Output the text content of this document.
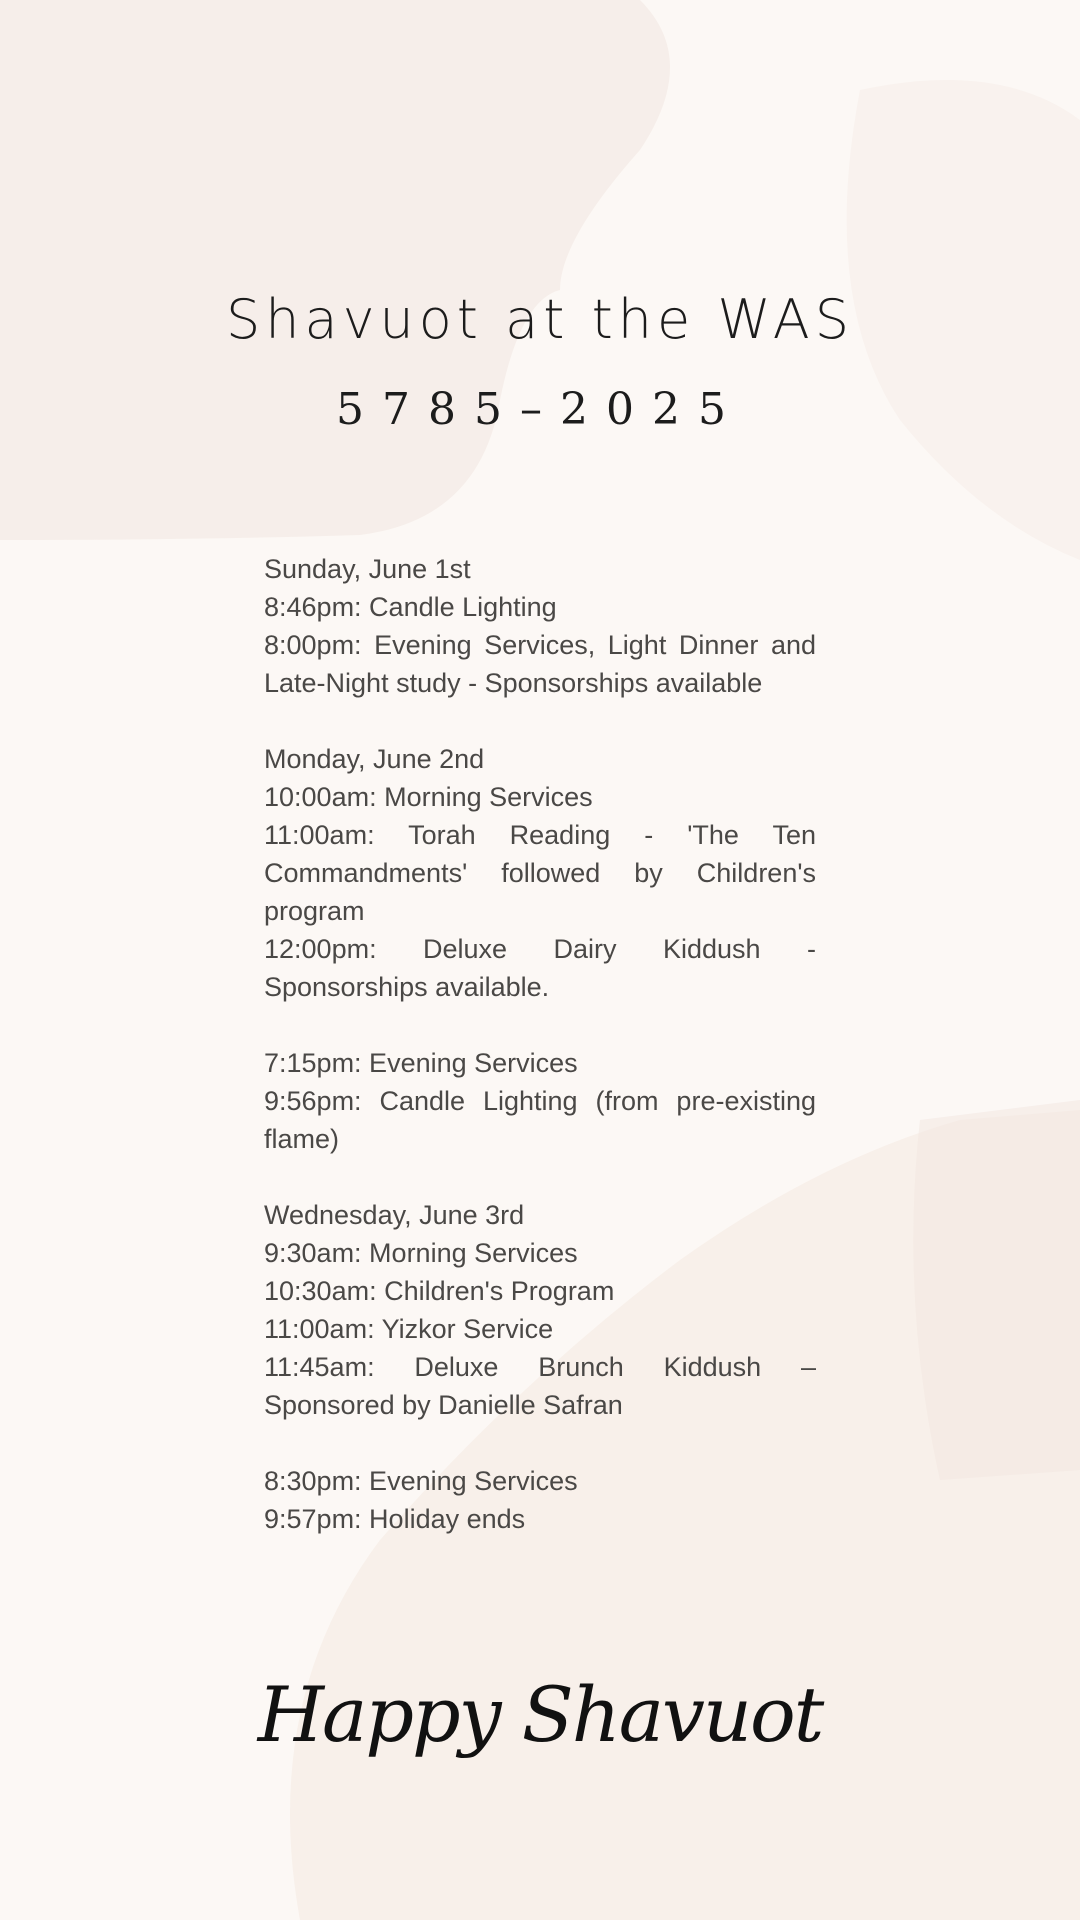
Shavuot at the WAS
5785–2025
Sunday, June 1st
8:46pm: Candle Lighting
8:00pm: Evening Services, Light Dinner and Late-Night study - Sponsorships available
Monday, June 2nd
10:00am: Morning Services
11:00am: Torah Reading - 'The Ten Commandments' followed by Children's program
12:00pm: Deluxe Dairy Kiddush - Sponsorships available.
7:15pm: Evening Services
9:56pm: Candle Lighting (from pre-existing flame)
Wednesday, June 3rd
9:30am: Morning Services
10:30am: Children's Program
11:00am: Yizkor Service
11:45am: Deluxe Brunch Kiddush – Sponsored by Danielle Safran
8:30pm: Evening Services
9:57pm: Holiday ends
Happy Shavuot
